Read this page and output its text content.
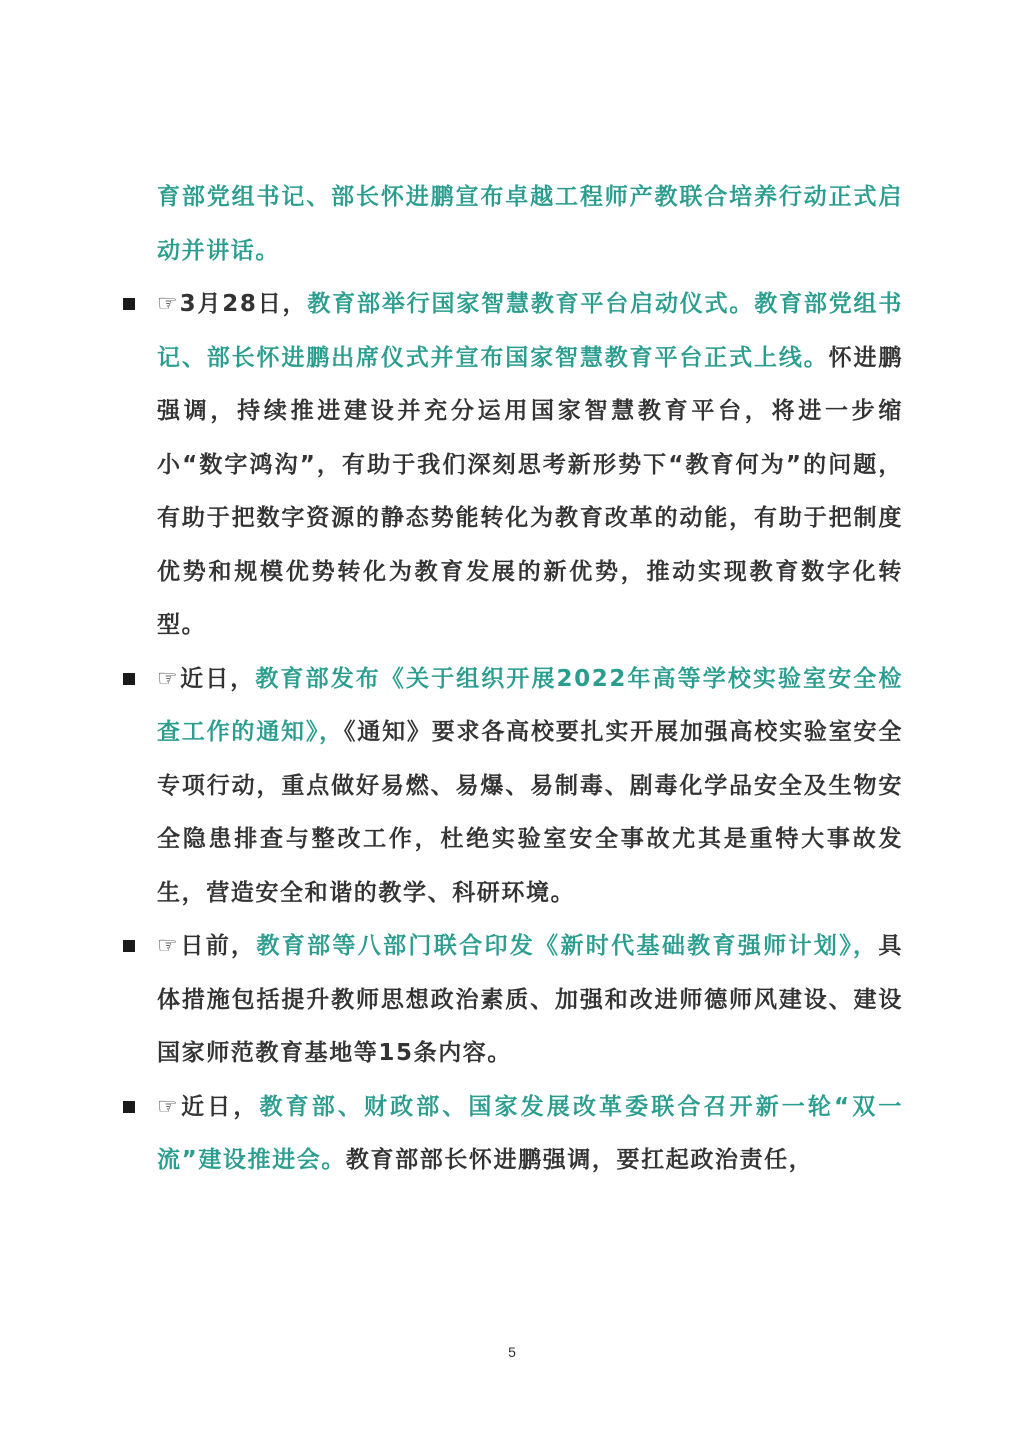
育部党组书记、部长怀进鹏宣布卓越工程师产教联合培养行动正式启动并讲话。

☞3月28日，教育部举行国家智慧教育平台启动仪式。教育部党组书记、部长怀进鹏出席仪式并宣布国家智慧教育平台正式上线。怀进鹏强调，持续推进建设并充分运用国家智慧教育平台，将进一步缩小“数字鸿沟”，有助于我们深刻思考新形势下“教育何为”的问题，有助于把数字资源的静态势能转化为教育改革的动能，有助于把制度优势和规模优势转化为教育发展的新优势，推动实现教育数字化转型。

☞近日，教育部发布《关于组织开展2022年高等学校实验室安全检查工作的通知》，《通知》要求各高校要扎实开展加强高校实验室安全专项行动，重点做好易燃、易爆、易制毒、剧毒化学品安全及生物安全隐患排查与整改工作，杜绝实验室安全事故尤其是重特大事故发生，营造安全和谐的教学、科研环境。

☞日前，教育部等八部门联合印发《新时代基础教育强师计划》，具体措施包括提升教师思想政治素质、加强和改进师德师风建设、建设国家师范教育基地等15条内容。

☞近日，教育部、财政部、国家发展改革委联合召开新一轮“双一流”建设推进会。教育部部长怀进鹏强调，要扛起政治责任，

5
